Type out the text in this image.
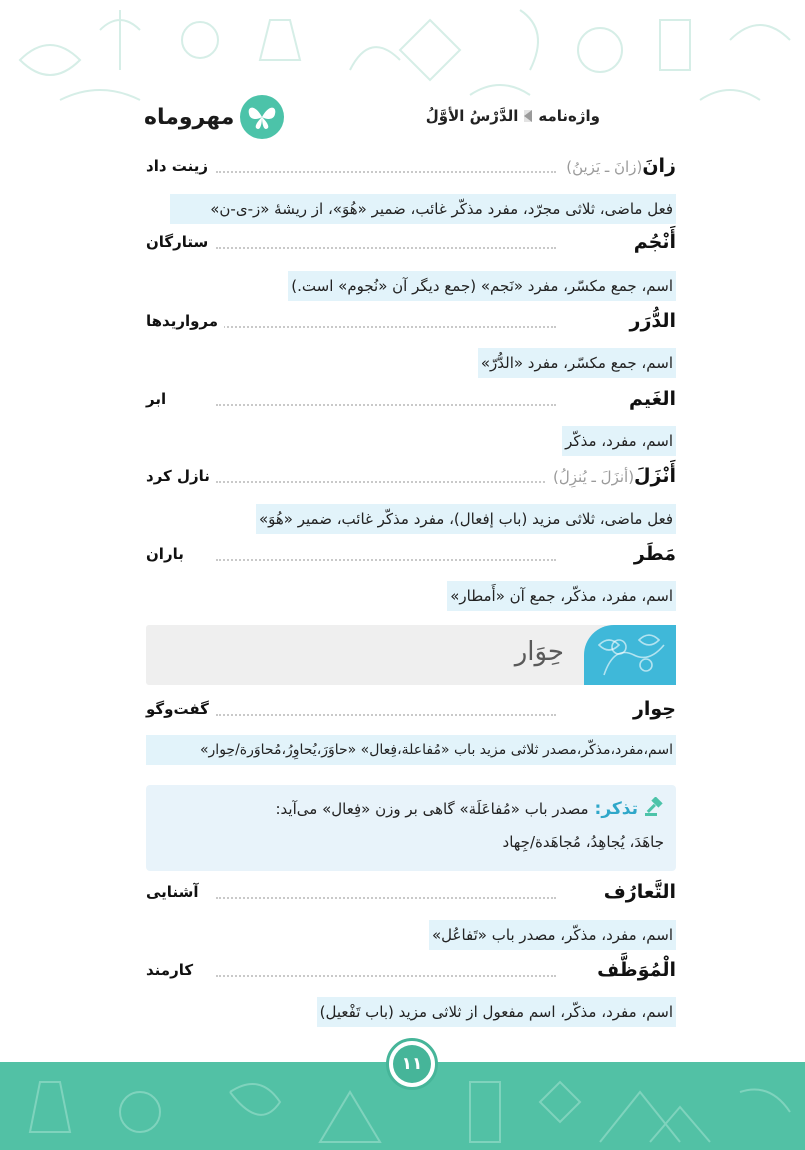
واژه‌نامه
الدَّرْسُ الأوَّلُ
مهروماه
زانَ(زانَ ـ يَزينُ)
زینت داد
فعل ماضی، ثلاثی مجرّد، مفرد مذکّر غائب، ضمیر «هُوَ»، از ریشهٔ «ز-ی-ن»
أَنْجُم
ستارگان
اسم، جمع مکسّر، مفرد «نَجم» (جمع دیگر آن «نُجوم» است.)
الدُّرَر
مرواریدها
اسم، جمع مکسّر، مفرد «الدُّرّ»
الغَيم
ابر
اسم، مفرد، مذکّر
أَنْزَلَ(أنزَلَ ـ يُنزِلُ)
نازل کرد
فعل ماضی، ثلاثی مزید (باب إفعال)، مفرد مذکّر غائب، ضمیر «هُوَ»
مَطَر
باران
اسم، مفرد، مذکّر، جمع آن «أَمطار»
حِوَار
حِوار
گفت‌وگو
اسم،مفرد،مذکّر،مصدر ثلاثی مزید باب «مُفاعلة،فِعال» «حاوَرَ،یُحاوِرُ،مُحاوَرة/حِوار»
تذکر:
مصدر باب «مُفاعَلَة» گاهی بر وزن «فِعال» می‌آید:
جاهَدَ، یُجاهِدُ، مُجاهَدة/جِهاد
التَّعارُف
آشنایی
اسم، مفرد، مذکّر، مصدر باب «تَفاعُل»
الْمُوَظَّف
کارمند
اسم، مفرد، مذکّر، اسم مفعول از ثلاثی مزید (باب تَفْعیل)
۱۱
